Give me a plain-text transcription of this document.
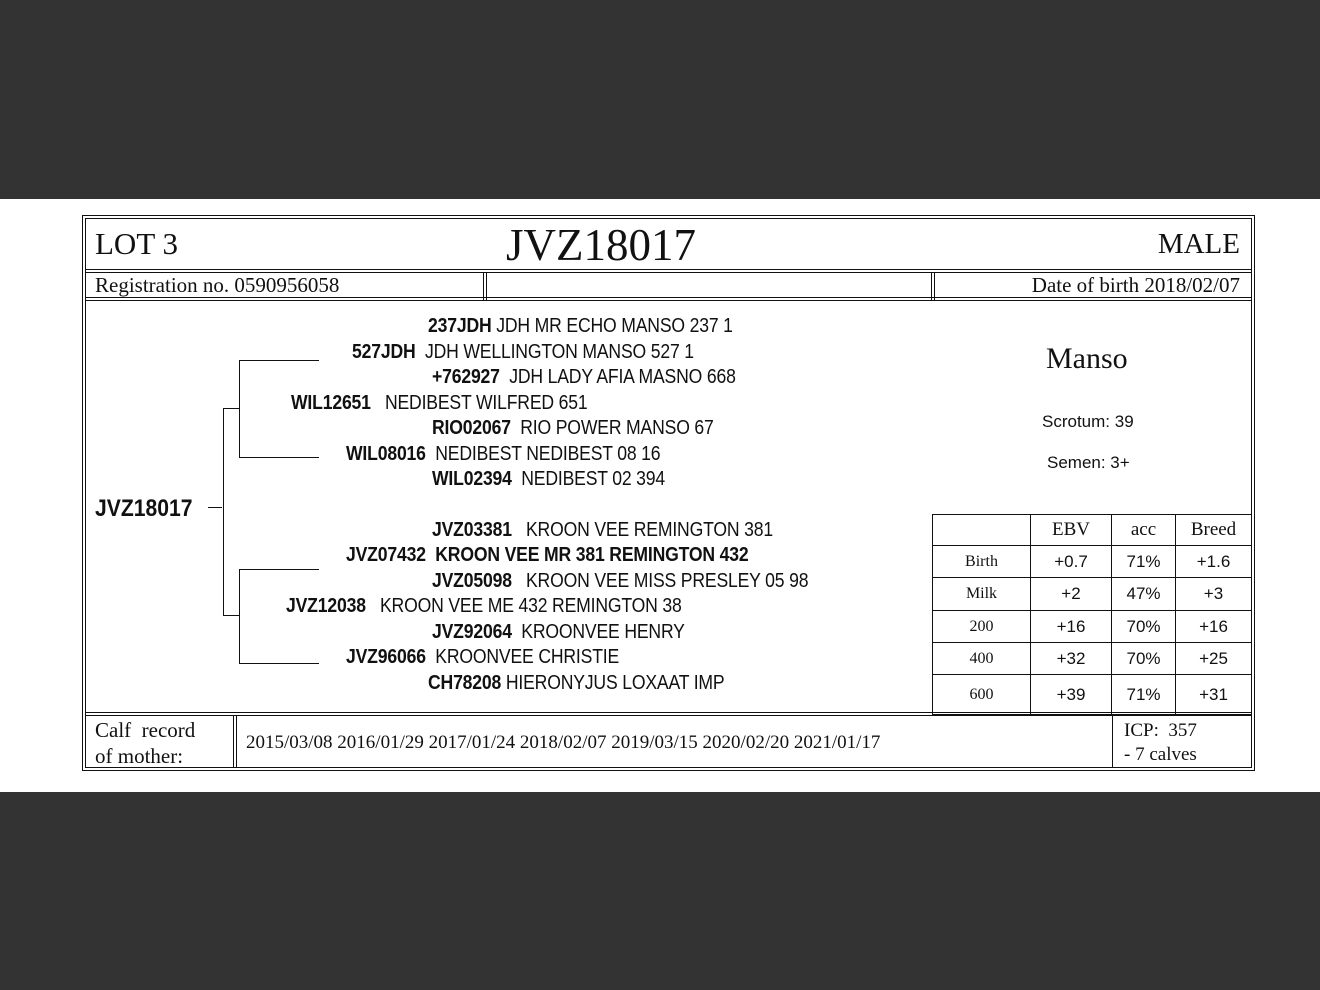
LOT 3	JVZ18017	MALE
Registration no. 0590956058	Date of birth 2018/02/07
JVZ18017
237JDH JDH MR ECHO MANSO 237 1
527JDH JDH WELLINGTON MANSO 527 1
+762927 JDH LADY AFIA MASNO 668
WIL12651 NEDIBEST WILFRED 651
RIO02067 RIO POWER MANSO 67
WIL08016 NEDIBEST NEDIBEST 08 16
WIL02394 NEDIBEST 02 394
JVZ03381 KROON VEE REMINGTON 381
JVZ07432 KROON VEE MR 381 REMINGTON 432
JVZ05098 KROON VEE MISS PRESLEY 05 98
JVZ12038 KROON VEE ME 432 REMINGTON 38
JVZ92064 KROONVEE HENRY
JVZ96066 KROONVEE CHRISTIE
CH78208 HIERONYJUS LOXAAT IMP
Manso
Scrotum: 39
Semen: 3+
	EBV	acc	Breed
Birth	+0.7	71%	+1.6
Milk	+2	47%	+3
200	+16	70%	+16
400	+32	70%	+25
600	+39	71%	+31
Calf  record
of mother:
2015/03/08 2016/01/29 2017/01/24 2018/02/07 2019/03/15 2020/02/20 2021/01/17
ICP:  357
- 7 calves
